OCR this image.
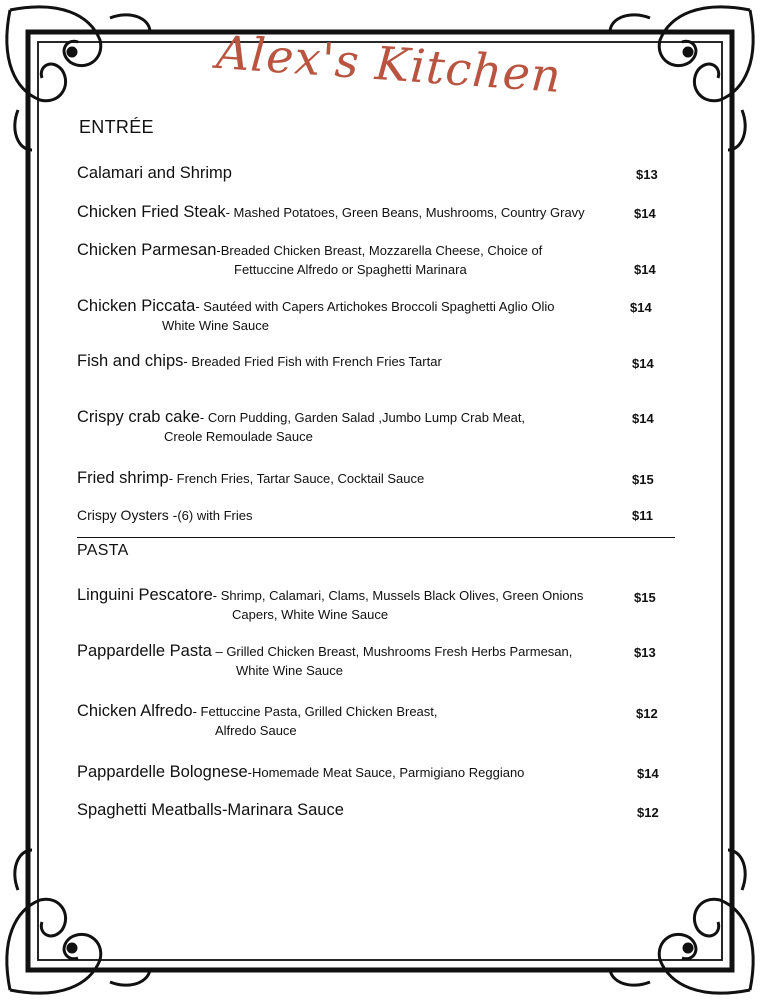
Alex's Kitchen
ENTRÉE
Calamari and Shrimp	$13
Chicken Fried Steak- Mashed Potatoes, Green Beans, Mushrooms, Country Gravy	$14
Chicken Parmesan-Breaded Chicken Breast, Mozzarella Cheese, Choice of
Fettuccine Alfredo or Spaghetti Marinara	$14
Chicken Piccata- Sautéed with Capers Artichokes Broccoli Spaghetti Aglio Olio
White Wine Sauce
$14
Fish and chips- Breaded Fried Fish with French Fries Tartar	$14
Crispy crab cake- Corn Pudding, Garden Salad ,Jumbo Lump Crab Meat,
Creole Remoulade Sauce
$14
Fried shrimp- French Fries, Tartar Sauce, Cocktail Sauce	$15
Crispy Oysters -(6) with Fries	$11
PASTA
Linguini Pescatore- Shrimp, Calamari, Clams, Mussels Black Olives, Green Onions
Capers, White Wine Sauce
$15
Pappardelle Pasta – Grilled Chicken Breast, Mushrooms Fresh Herbs Parmesan,
White Wine Sauce
$13
Chicken Alfredo- Fettuccine Pasta, Grilled Chicken Breast,
Alfredo Sauce
$12
Pappardelle Bolognese-Homemade Meat Sauce, Parmigiano Reggiano	$14
Spaghetti Meatballs-Marinara Sauce	$12
